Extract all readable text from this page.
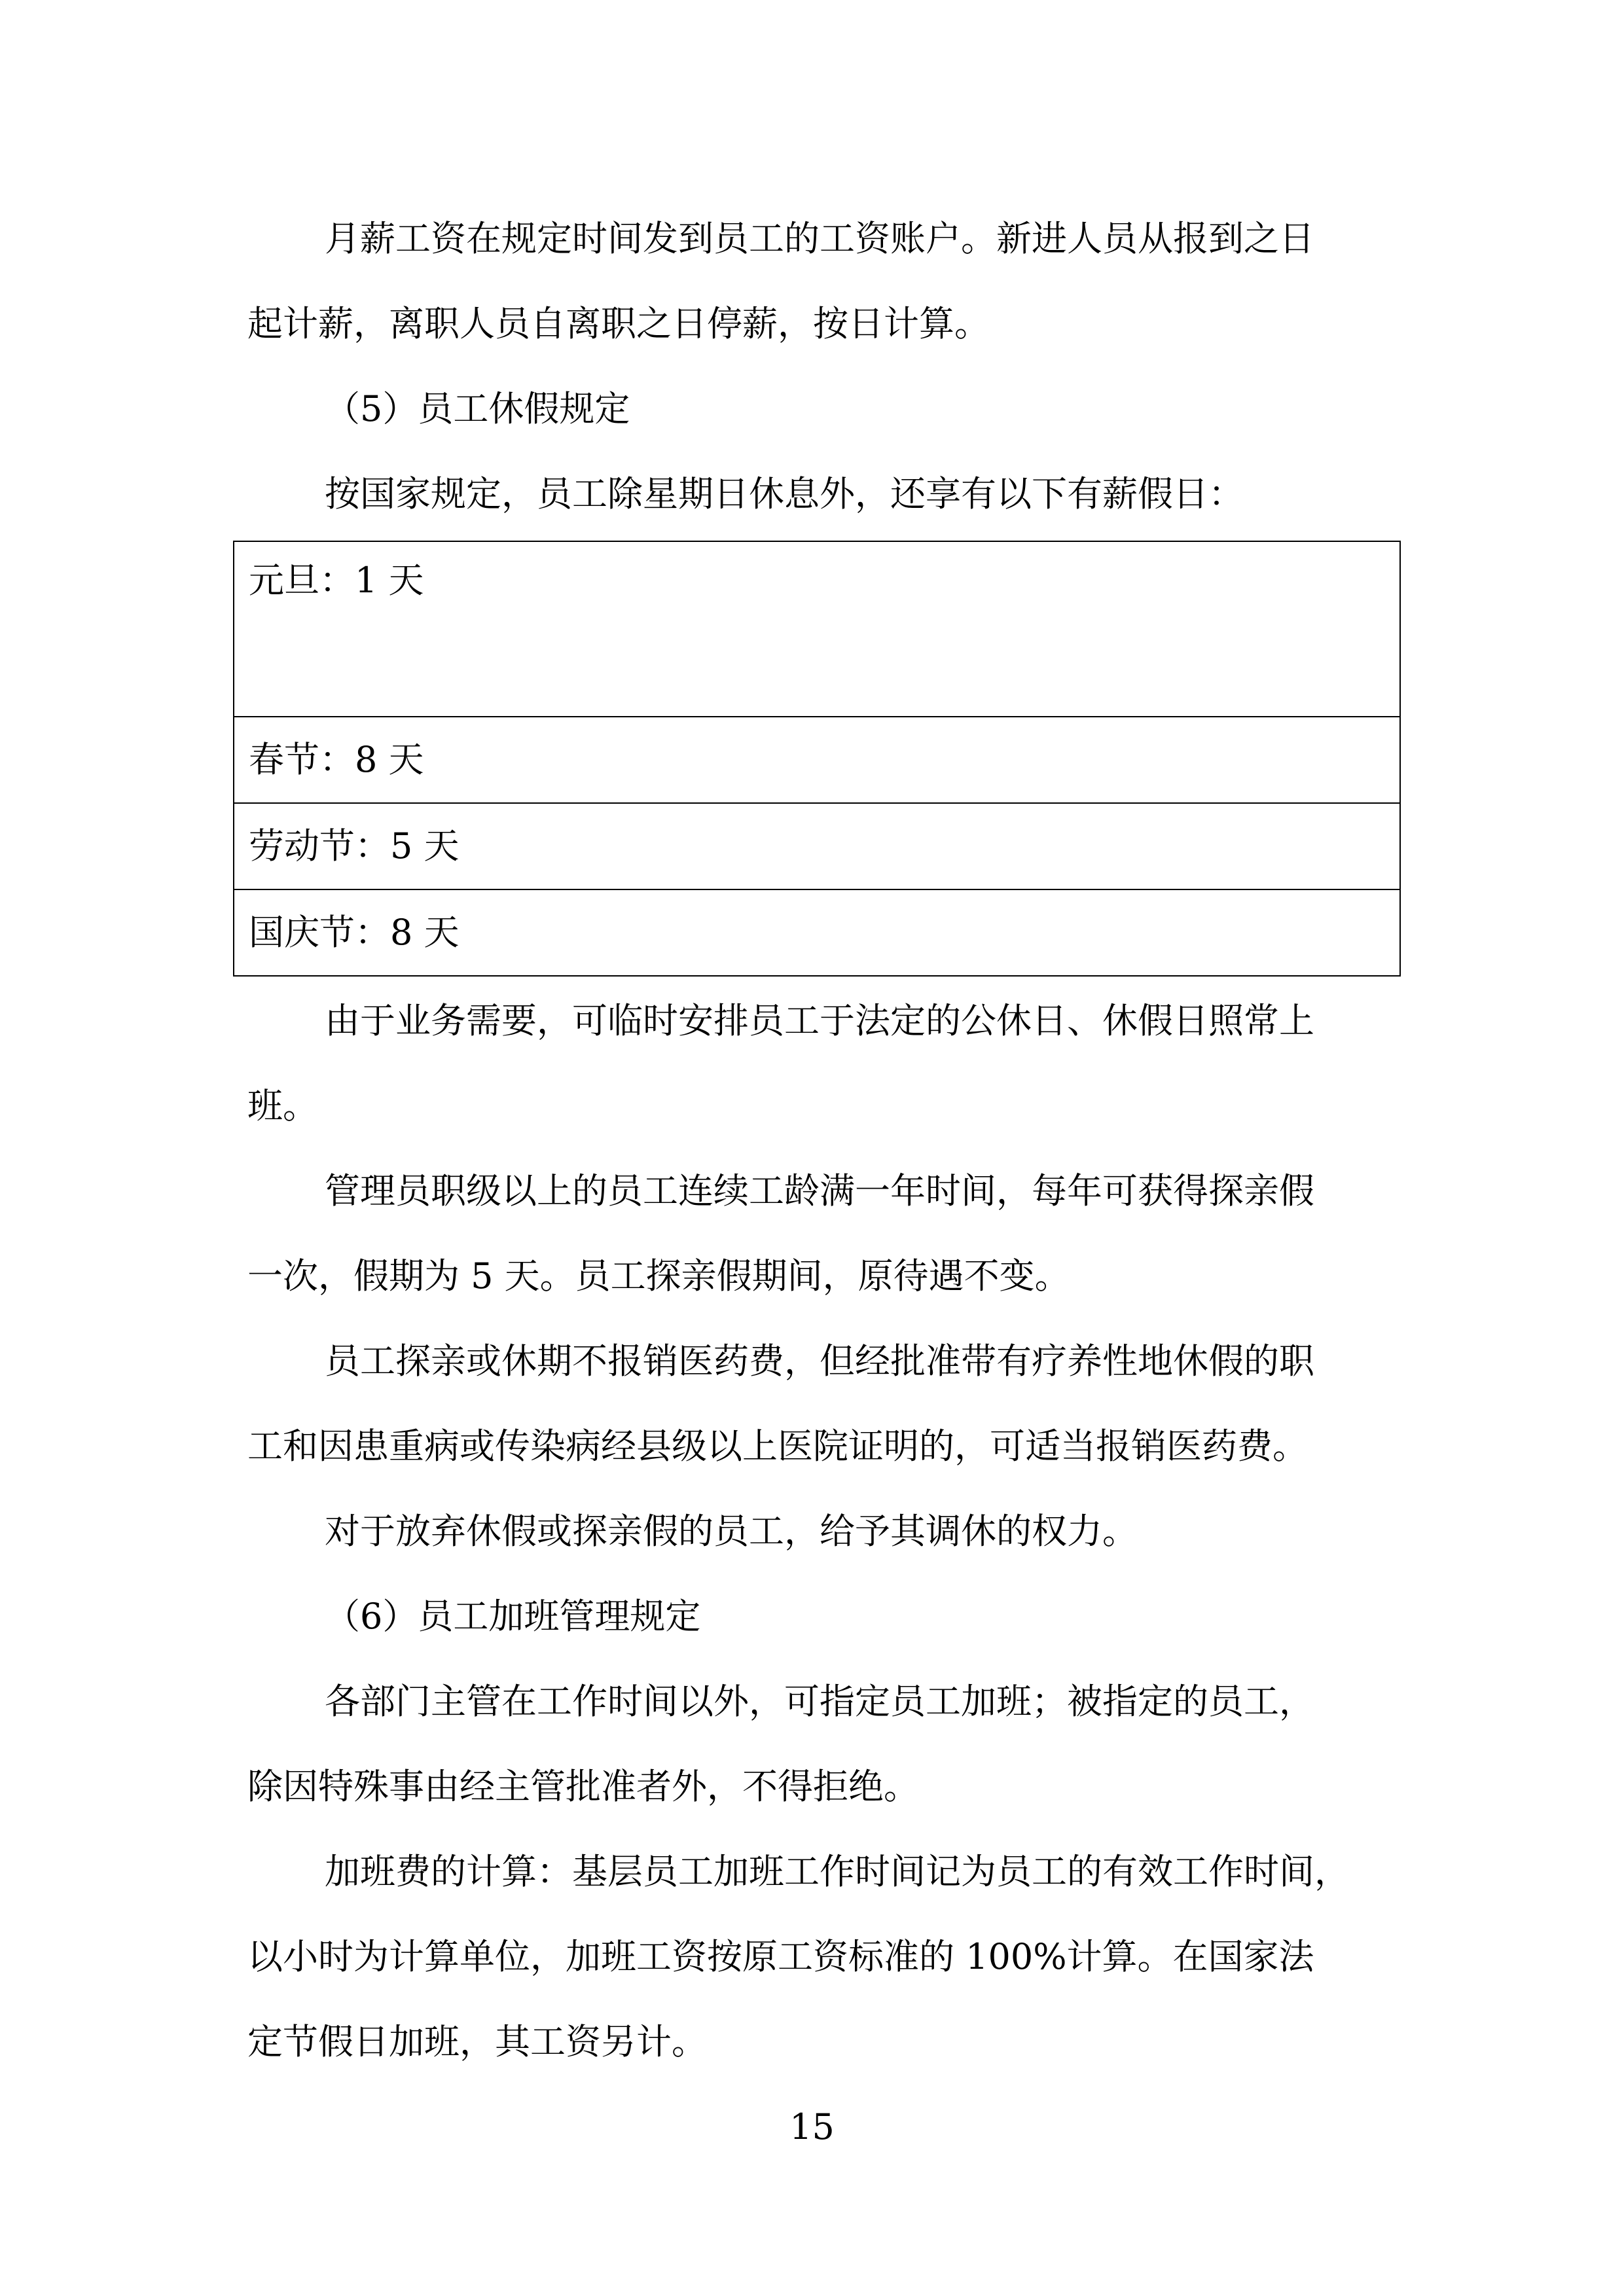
月薪工资在规定时间发到员工的工资账户。新进人员从报到之日

起计薪，离职人员自离职之日停薪，按日计算。

（5）员工休假规定

按国家规定，员工除星期日休息外，还享有以下有薪假日：

元旦：1 天
春节：8 天
劳动节：5 天
国庆节：8 天

由于业务需要，可临时安排员工于法定的公休日、休假日照常上

班。

管理员职级以上的员工连续工龄满一年时间，每年可获得探亲假

一次，假期为 5 天。员工探亲假期间，原待遇不变。

员工探亲或休期不报销医药费，但经批准带有疗养性地休假的职

工和因患重病或传染病经县级以上医院证明的，可适当报销医药费。

对于放弃休假或探亲假的员工，给予其调休的权力。

（6）员工加班管理规定

各部门主管在工作时间以外，可指定员工加班；被指定的员工，

除因特殊事由经主管批准者外，不得拒绝。

加班费的计算：基层员工加班工作时间记为员工的有效工作时间，

以小时为计算单位，加班工资按原工资标准的 100%计算。在国家法

定节假日加班，其工资另计。

15
